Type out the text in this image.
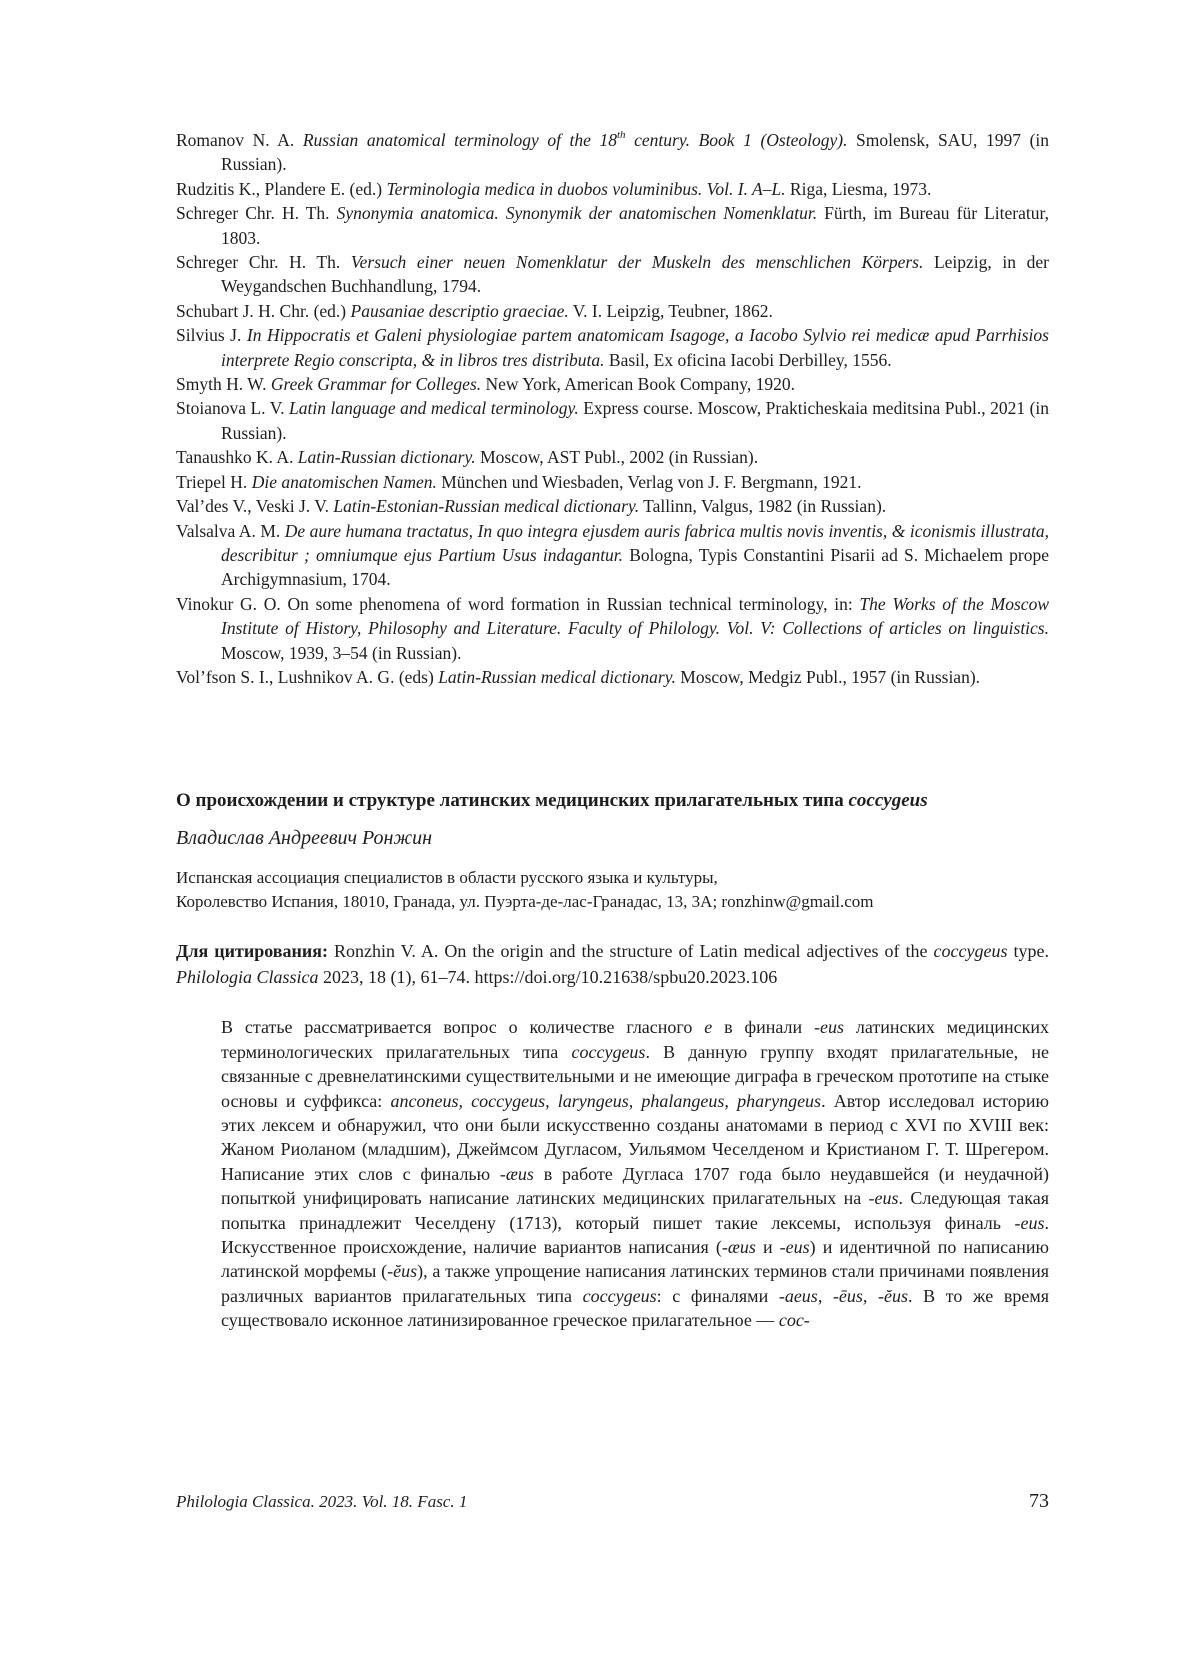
Romanov N. A. Russian anatomical terminology of the 18th century. Book 1 (Osteology). Smolensk, SAU, 1997 (in Russian).

Rudzitis K., Plandere E. (ed.) Terminologia medica in duobos voluminibus. Vol. I. A–L. Riga, Liesma, 1973.

Schreger Chr. H. Th. Synonymia anatomica. Synonymik der anatomischen Nomenklatur. Fürth, im Bureau für Literatur, 1803.

Schreger Chr. H. Th. Versuch einer neuen Nomenklatur der Muskeln des menschlichen Körpers. Leipzig, in der Weygandschen Buchhandlung, 1794.

Schubart J. H. Chr. (ed.) Pausaniae descriptio graeciae. V. I. Leipzig, Teubner, 1862.

Silvius J. In Hippocratis et Galeni physiologiae partem anatomicam Isagoge, a Iacobo Sylvio rei medicæ apud Parrhisios interprete Regio conscripta, & in libros tres distributa. Basil, Ex oficina Iacobi Derbilley, 1556.

Smyth H. W. Greek Grammar for Colleges. New York, American Book Company, 1920.

Stoianova L. V. Latin language and medical terminology. Express course. Moscow, Prakticheskaia meditsina Publ., 2021 (in Russian).

Tanaushko K. A. Latin-Russian dictionary. Moscow, AST Publ., 2002 (in Russian).

Triepel H. Die anatomischen Namen. München und Wiesbaden, Verlag von J. F. Bergmann, 1921.

Val’des V., Veski J. V. Latin-Estonian-Russian medical dictionary. Tallinn, Valgus, 1982 (in Russian).

Valsalva A. M. De aure humana tractatus, In quo integra ejusdem auris fabrica multis novis inventis, & iconismis illustrata, describitur ; omniumque ejus Partium Usus indagantur. Bologna, Typis Constantini Pisarii ad S. Michaelem prope Archigymnasium, 1704.

Vinokur G. O. On some phenomena of word formation in Russian technical terminology, in: The Works of the Moscow Institute of History, Philosophy and Literature. Faculty of Philology. Vol. V: Collections of articles on linguistics. Moscow, 1939, 3–54 (in Russian).

Vol’fson S. I., Lushnikov A. G. (eds) Latin-Russian medical dictionary. Moscow, Medgiz Publ., 1957 (in Russian).

О происхождении и структуре латинских медицинских прилагательных типа coccygeus

Владислав Андреевич Ронжин

Испанская ассоциация специалистов в области русского языка и культуры,
Королевство Испания, 18010, Гранада, ул. Пуэрта-де-лас-Гранадас, 13, 3А; ronzhinw@gmail.com

Для цитирования: Ronzhin V. A. On the origin and the structure of Latin medical adjectives of the coccygeus type. Philologia Classica 2023, 18 (1), 61–74. https://doi.org/10.21638/spbu20.2023.106

В статье рассматривается вопрос о количестве гласного e в финали -eus латинских медицинских терминологических прилагательных типа coccygeus. В данную группу входят прилагательные, не связанные с древнелатинскими существительными и не имеющие диграфа в греческом прототипе на стыке основы и суффикса: anconeus, coccygeus, laryngeus, phalangeus, pharyngeus. Автор исследовал историю этих лексем и обнаружил, что они были искусственно созданы анатомами в период с XVI по XVIII век: Жаном Риоланом (младшим), Джеймсом Дугласом, Уильямом Чеселденом и Кристианом Г. Т. Шрегером. Написание этих слов с финалью -æus в работе Дугласа 1707 года было неудавшейся (и неудачной) попыткой унифицировать написание латинских медицинских прилагательных на -eus. Следующая такая попытка принадлежит Чеселдену (1713), который пишет такие лексемы, используя финаль -eus. Искусственное происхождение, наличие вариантов написания (-æus и -eus) и идентичной по написанию латинской морфемы (-ĕus), а также упрощение написания латинских терминов стали причинами появления различных вариантов прилагательных типа coccygeus: с финалями -aeus, -ēus, -ĕus. В то же время существовало исконное латинизированное греческое прилагательное — coc-

Philologia Classica. 2023. Vol. 18. Fasc. 1	73
